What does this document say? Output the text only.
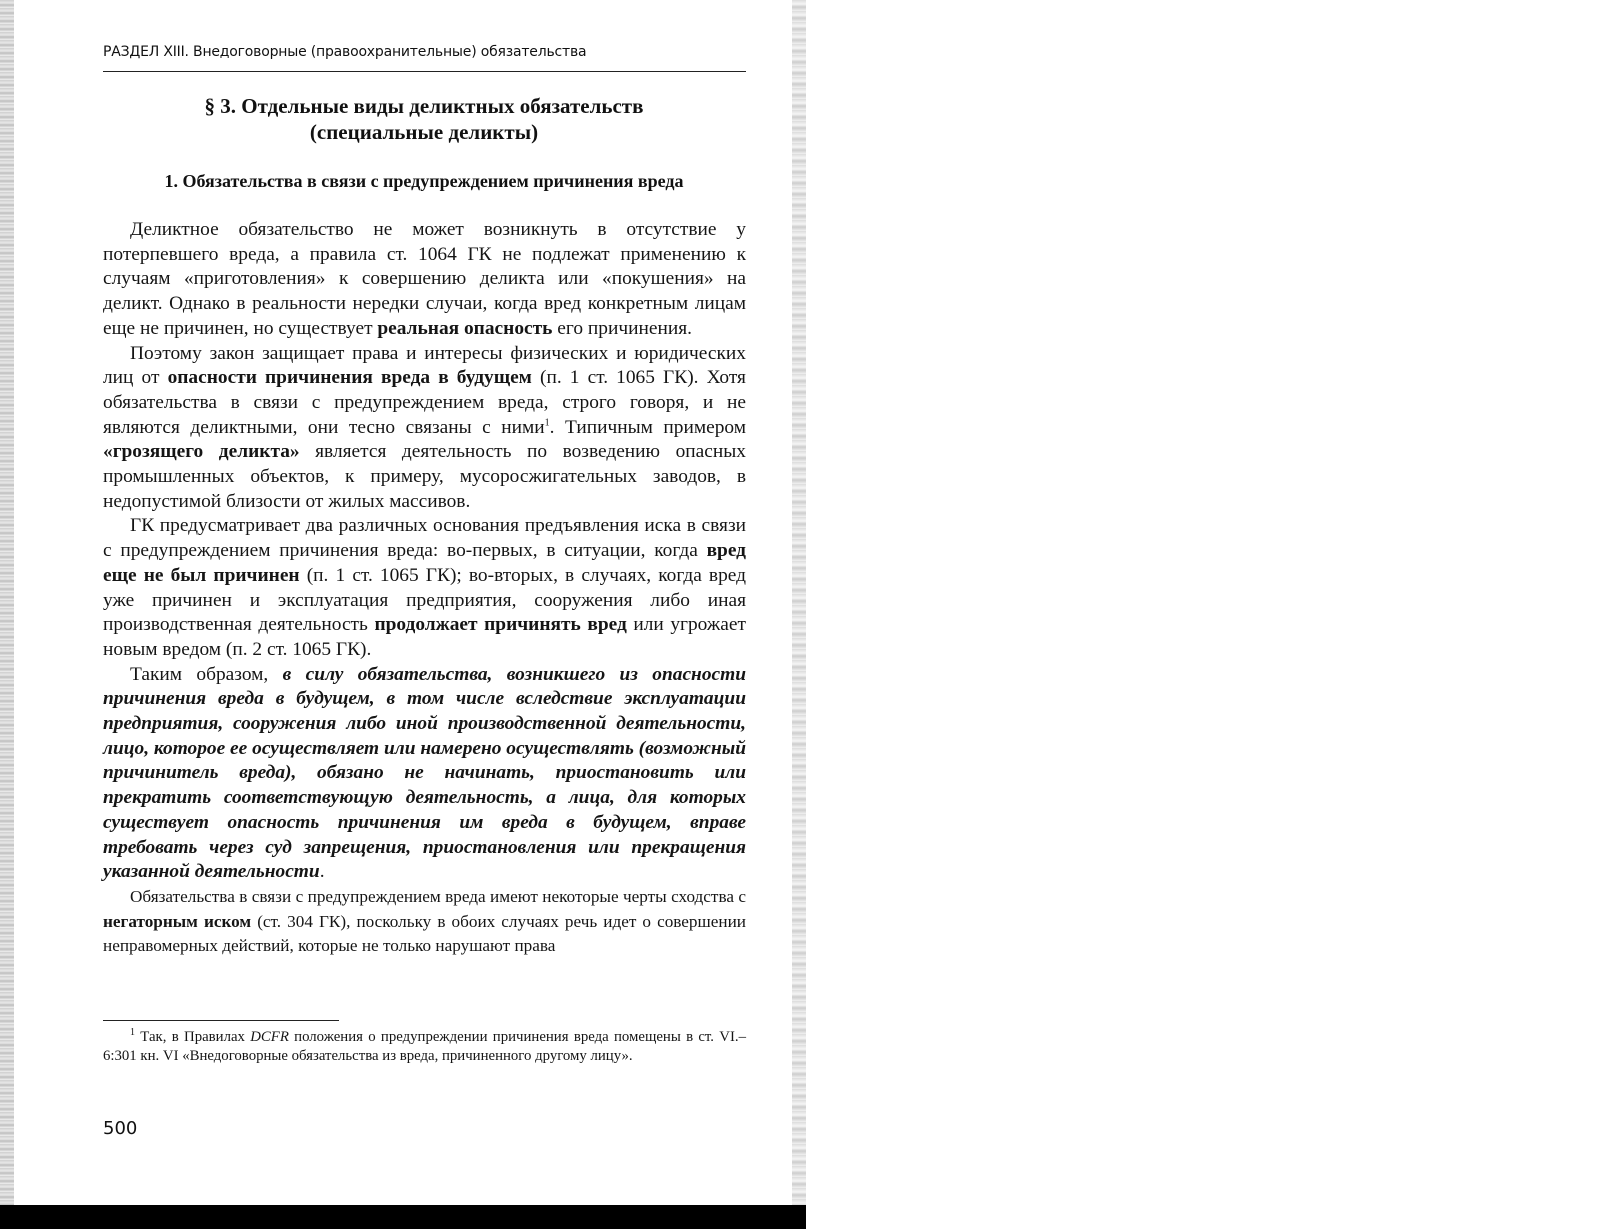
РАЗДЕЛ XIII. Внедоговорные (правоохранительные) обязательства
§ 3. Отдельные виды деликтных обязательств
(специальные деликты)
1. Обязательства в связи с предупреждением причинения вреда

Деликтное обязательство не может возникнуть в отсутствие у потерпевшего вреда, а правила ст. 1064 ГК не подлежат применению к случаям «приготовления» к совершению деликта или «покушения» на деликт. Однако в реальности нередки случаи, когда вред конкретным лицам еще не причинен, но существует реальная опасность его причинения.

Поэтому закон защищает права и интересы физических и юридических лиц от опасности причинения вреда в будущем (п. 1 ст. 1065 ГК). Хотя обязательства в связи с предупреждением вреда, строго говоря, и не являются деликтными, они тесно связаны с ними$^1$. Типичным примером «грозящего деликта» является деятельность по возведению опасных промышленных объектов, к примеру, мусоросжигательных заводов, в недопустимой близости от жилых массивов.

ГК предусматривает два различных основания предъявления иска в связи с предупреждением причинения вреда: во-первых, в ситуации, когда вред еще не был причинен (п. 1 ст. 1065 ГК); во-вторых, в случаях, когда вред уже причинен и эксплуатация предприятия, сооружения либо иная производственная деятельность продолжает причинять вред или угрожает новым вредом (п. 2 ст. 1065 ГК).

Таким образом, в силу обязательства, возникшего из опасности причинения вреда в будущем, в том числе вследствие эксплуатации предприятия, сооружения либо иной производственной деятельности, лицо, которое ее осуществляет или намерено осуществлять (возможный причинитель вреда), обязано не начинать, приостановить или прекратить соответствующую деятельность, а лица, для которых существует опасность причинения им вреда в будущем, вправе требовать через суд запрещения, приостановления или прекращения указанной деятельности.

Обязательства в связи с предупреждением вреда имеют некоторые черты сходства с негаторным иском (ст. 304 ГК), поскольку в обоих случаях речь идет о совершении неправомерных действий, которые не только нарушают права

$^1$ Так, в Правилах DCFR положения о предупреждении причинения вреда помещены в ст. VI.–6:301 кн. VI «Внедоговорные обязательства из вреда, причиненного другому лицу».
500
